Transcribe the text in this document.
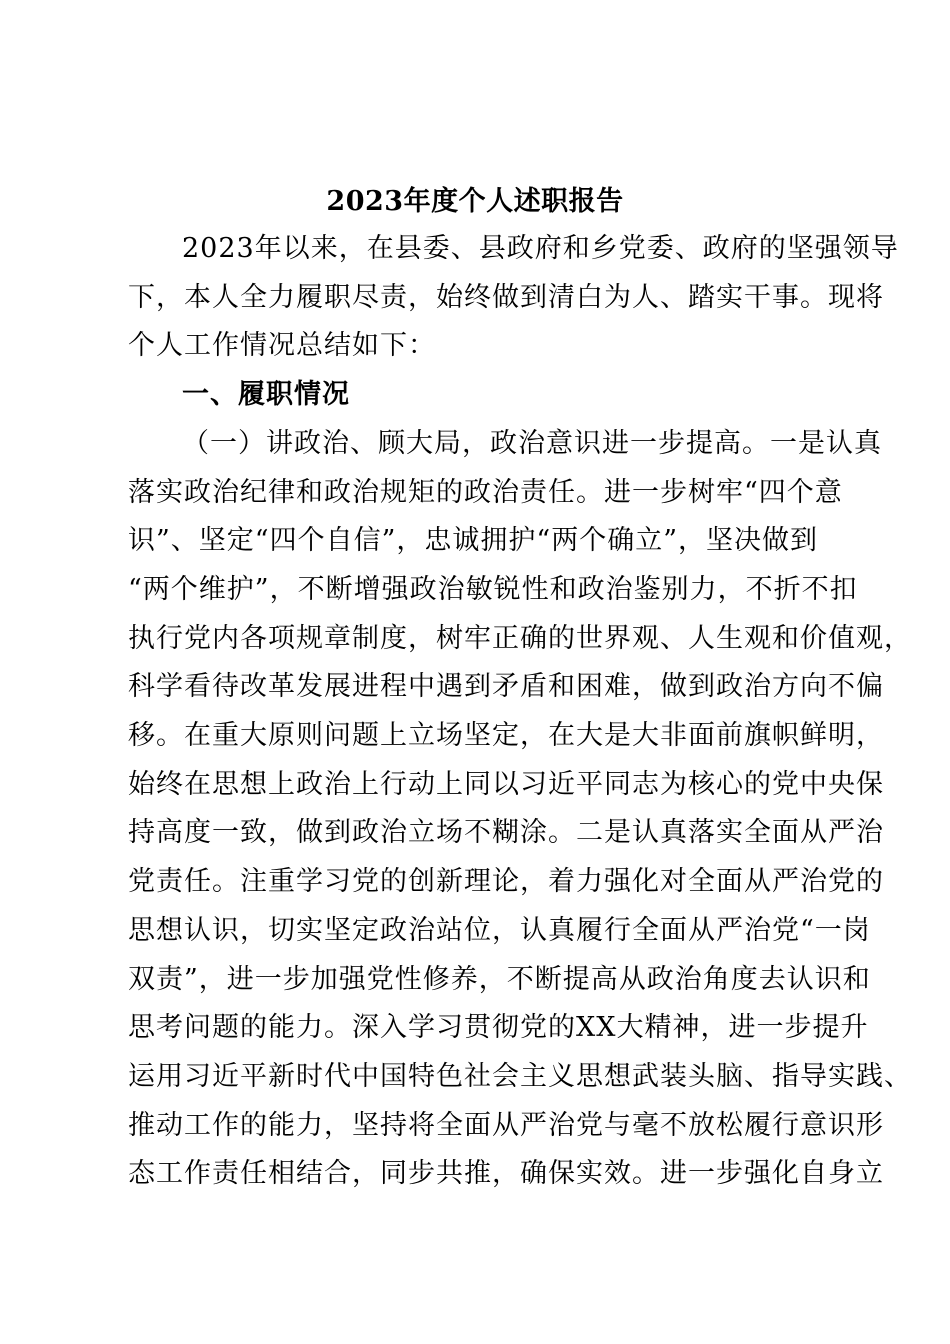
2023年度个人述职报告

2023年以来，在县委、县政府和乡党委、政府的坚强领导
下，本人全力履职尽责，始终做到清白为人、踏实干事。现将
个人工作情况总结如下：

一、履职情况

（一）讲政治、顾大局，政治意识进一步提高。一是认真
落实政治纪律和政治规矩的政治责任。进一步树牢“四个意
识”、坚定“四个自信”，忠诚拥护“两个确立”，坚决做到
“两个维护”，不断增强政治敏锐性和政治鉴别力，不折不扣
执行党内各项规章制度，树牢正确的世界观、人生观和价值观，
科学看待改革发展进程中遇到矛盾和困难，做到政治方向不偏
移。在重大原则问题上立场坚定，在大是大非面前旗帜鲜明，
始终在思想上政治上行动上同以习近平同志为核心的党中央保
持高度一致，做到政治立场不糊涂。二是认真落实全面从严治
党责任。注重学习党的创新理论，着力强化对全面从严治党的
思想认识，切实坚定政治站位，认真履行全面从严治党“一岗
双责”，进一步加强党性修养，不断提高从政治角度去认识和
思考问题的能力。深入学习贯彻党的XX大精神，进一步提升
运用习近平新时代中国特色社会主义思想武装头脑、指导实践、
推动工作的能力，坚持将全面从严治党与毫不放松履行意识形
态工作责任相结合，同步共推，确保实效。进一步强化自身立
